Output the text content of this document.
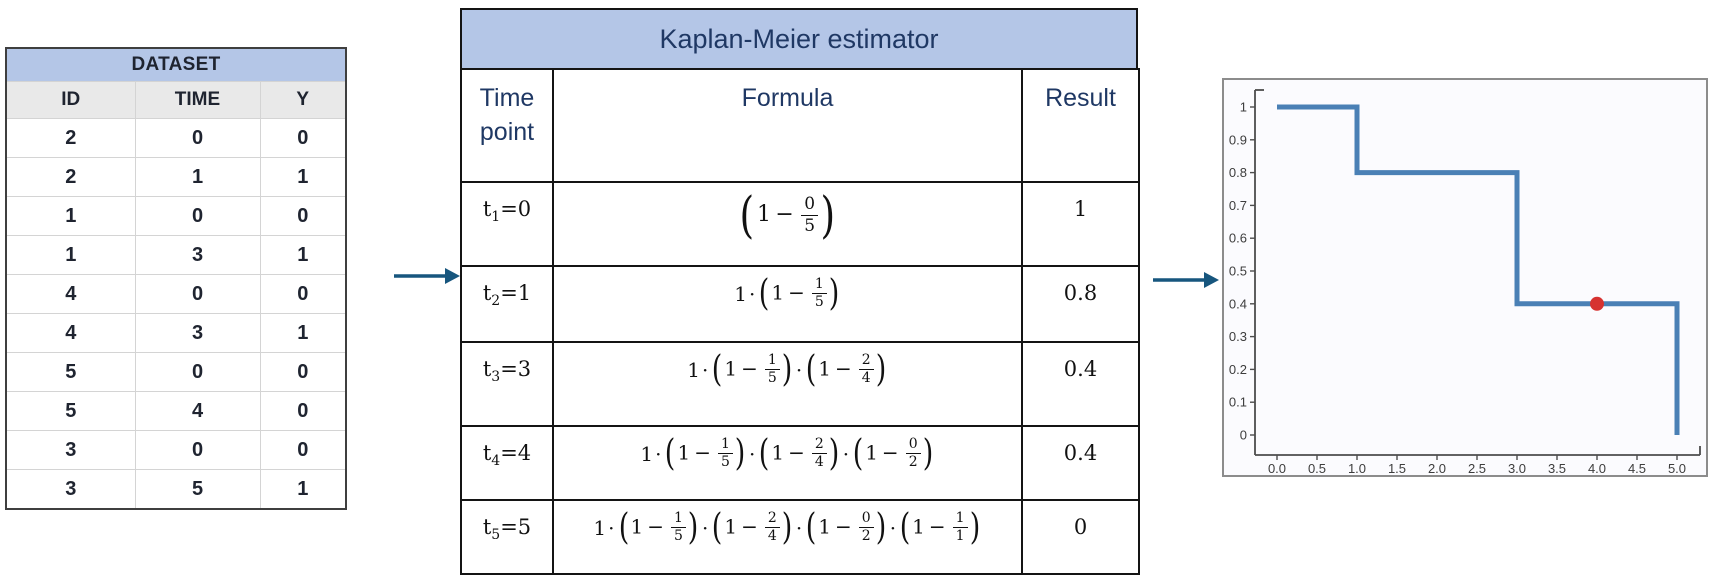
DATASET		
ID	TIME	Y
2	0	0
2	1	1
1	0	0
1	3	1
4	0	0
4	3	1
5	0	0
5	4	0
3	0	0
3	5	1
Kaplan-Meier estimator
Time point	Formula	Result
$t_1=0$	( $1 - \frac{0}{5}$ )	1
$t_2=1$	$1 \cdot (1 - \frac{1}{5}$ )	0.8
$t_3=3$	$1 \cdot (1 - \frac{1}{5}$ ) · ($1 - \frac{2}{4}$ )	0.4
$t_4=4$	$1 \cdot (1 - \frac{1}{5}$ ) · ($1 - \frac{2}{4}$ ) · ($1 - \frac{0}{2}$ )	0.4
$t_5=5$	$1 \cdot (1 - \frac{1}{5}$ ) · ($1 - \frac{2}{4}$ ) · ($1 - \frac{0}{2}$ ) · ($1 - \frac{1}{1}$ )	0
0
0.1
0.2
0.3
0.4
0.5
0.6
0.7
0.8
0.9
1
0.0 0.5 1.0 1.5 2.0 2.5 3.0 3.5 4.0 4.5 5.0
